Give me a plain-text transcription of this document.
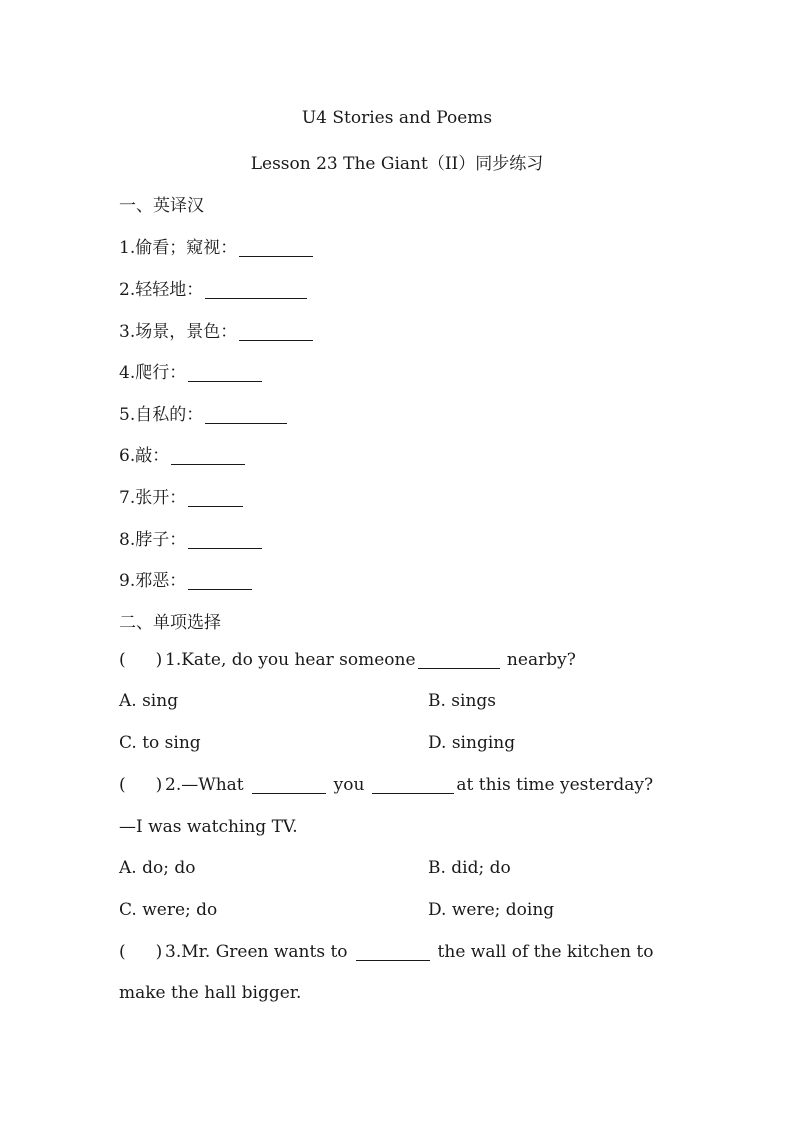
U4 Stories and Poems
Lesson 23 The Giant（II）同步练习
一、英译汉
1.偷看；窥视：
2.轻轻地：
3.场景，景色：
4.爬行：
5.自私的：
6.敲：
7.张开：
8.脖子：
9.邪恶：
二、单项选择
( ) 1.Kate, do you hear someone	nearby?
A. sing	B. sings
C. to sing	D. singing
( ) 2.—What	you	at this time yesterday?
—I was watching TV.
A. do; do	B. did; do
C. were; do	D. were; doing
( ) 3.Mr. Green wants to	the wall of the kitchen to
make the hall bigger.
